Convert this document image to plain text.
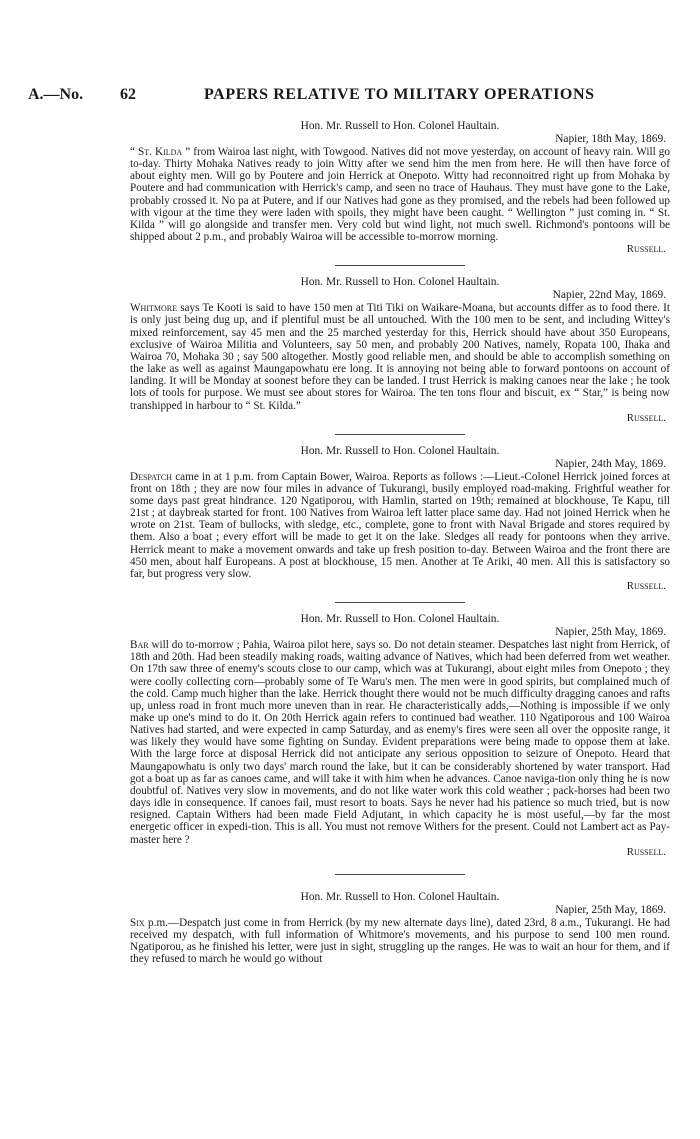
A.—No. 62	PAPERS RELATIVE TO MILITARY OPERATIONS
Hon. Mr. Russell to Hon. Colonel Haultain.
Napier, 18th May, 1869.
“ St. Kilda ” from Wairoa last night, with Towgood. Natives did not move yesterday, on account of heavy rain. Will go to-day. Thirty Mohaka Natives ready to join Witty after we send him the men from here. He will then have force of about eighty men. Will go by Poutere and join Herrick at Onepoto. Witty had reconnoitred right up from Mohaka by Poutere and had communication with Herrick's camp, and seen no trace of Hauhaus. They must have gone to the Lake, probably crossed it. No pa at Putere, and if our Natives had gone as they promised, and the rebels had been followed up with vigour at the time they were laden with spoils, they might have been caught. “ Wellington ” just coming in. “ St. Kilda ” will go alongside and transfer men. Very cold but wind light, not much swell. Richmond's pontoons will be shipped about 2 p.m., and probably Wairoa will be accessible to-morrow morning.
Russell.
Hon. Mr. Russell to Hon. Colonel Haultain.
Napier, 22nd May, 1869.
Whitmore says Te Kooti is said to have 150 men at Titi Tiki on Waikare-Moana, but accounts differ as to food there. It is only just being dug up, and if plentiful must be all untouched. With the 100 men to be sent, and including Wittey's mixed reinforcement, say 45 men and the 25 marched yesterday for this, Herrick should have about 350 Europeans, exclusive of Wairoa Militia and Volunteers, say 50 men, and probably 200 Natives, namely, Ropata 100, Ihaka and Wairoa 70, Mohaka 30 ; say 500 altogether. Mostly good reliable men, and should be able to accomplish something on the lake as well as against Maungapowhatu ere long. It is annoying not being able to forward pontoons on account of landing. It will be Monday at soonest before they can be landed. I trust Herrick is making canoes near the lake ; he took lots of tools for purpose. We must see about stores for Wairoa. The ten tons flour and biscuit, ex “ Star,” is being now transhipped in harbour to “ St. Kilda.”
Russell.
Hon. Mr. Russell to Hon. Colonel Haultain.
Napier, 24th May, 1869.
Despatch came in at 1 p.m. from Captain Bower, Wairoa. Reports as follows :—Lieut.-Colonel Herrick joined forces at front on 18th ; they are now four miles in advance of Tukurangi, busily employed road-making. Frightful weather for some days past great hindrance. 120 Ngatiporou, with Hamlin, started on 19th; remained at blockhouse, Te Kapu, till 21st ; at daybreak started for front. 100 Natives from Wairoa left latter place same day. Had not joined Herrick when he wrote on 21st. Team of bullocks, with sledge, etc., complete, gone to front with Naval Brigade and stores required by them. Also a boat ; every effort will be made to get it on the lake. Sledges all ready for pontoons when they arrive. Herrick meant to make a movement onwards and take up fresh position to-day. Between Wairoa and the front there are 450 men, about half Europeans. A post at blockhouse, 15 men. Another at Te Ariki, 40 men. All this is satisfactory so far, but progress very slow.
Russell.
Hon. Mr. Russell to Hon. Colonel Haultain.
Napier, 25th May, 1869.
Bar will do to-morrow ; Pahia, Wairoa pilot here, says so. Do not detain steamer. Despatches last night from Herrick, of 18th and 20th. Had been steadily making roads, waiting advance of Natives, which had been deferred from wet weather. On 17th saw three of enemy's scouts close to our camp, which was at Tukurangi, about eight miles from Onepoto ; they were coolly collecting corn—probably some of Te Waru's men. The men were in good spirits, but complained much of the cold. Camp much higher than the lake. Herrick thought there would not be much difficulty dragging canoes and rafts up, unless road in front much more uneven than in rear. He characteristically adds,—Nothing is impossible if we only make up one's mind to do it. On 20th Herrick again refers to continued bad weather. 110 Ngatiporous and 100 Wairoa Natives had started, and were expected in camp Saturday, and as enemy's fires were seen all over the opposite range, it was likely they would have some fighting on Sunday. Evident preparations were being made to oppose them at lake. With the large force at disposal Herrick did not anticipate any serious opposition to seizure of Onepoto. Heard that Maungapowhatu is only two days' march round the lake, but it can be considerably shortened by water transport. Had got a boat up as far as canoes came, and will take it with him when he advances. Canoe naviga-tion only thing he is now doubtful of. Natives very slow in movements, and do not like water work this cold weather ; pack-horses had been two days idle in consequence. If canoes fail, must resort to boats. Says he never had his patience so much tried, but is now resigned. Captain Withers had been made Field Adjutant, in which capacity he is most useful,—by far the most energetic officer in expedi-tion. This is all. You must not remove Withers for the present. Could not Lambert act as Pay-master here ?
Russell.
Hon. Mr. Russell to Hon. Colonel Haultain.
Napier, 25th May, 1869.
Six p.m.—Despatch just come in from Herrick (by my new alternate days line), dated 23rd, 8 a.m., Tukurangi. He had received my despatch, with full information of Whitmore's movements, and his purpose to send 100 men round. Ngatiporou, as he finished his letter, were just in sight, struggling up the ranges. He was to wait an hour for them, and if they refused to march he would go without
